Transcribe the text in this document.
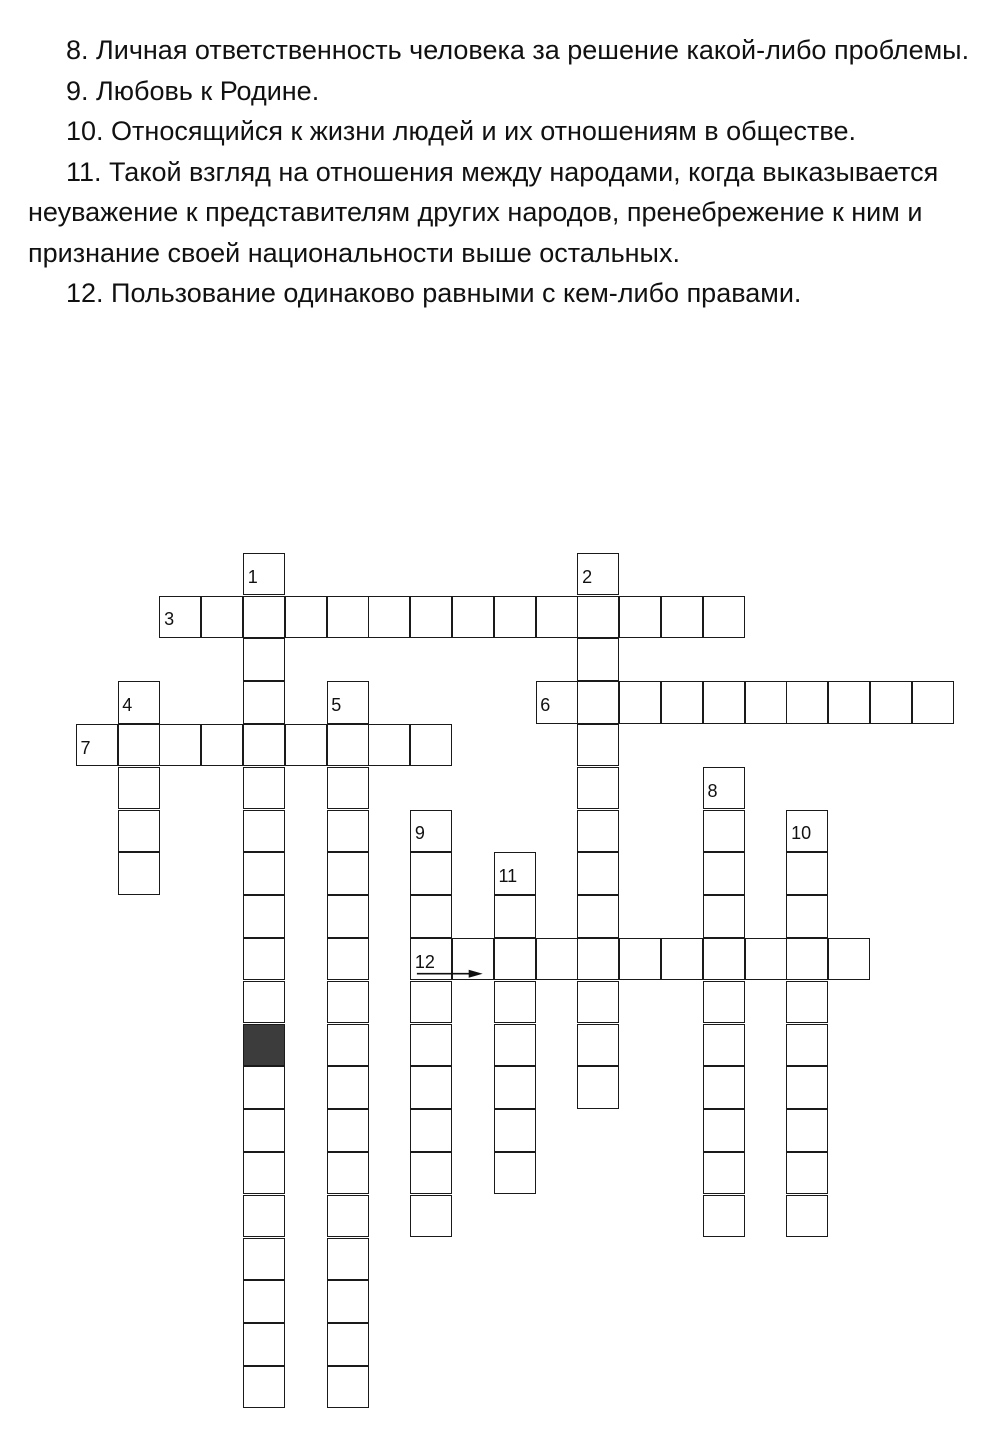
8. Личная ответственность человека за решение какой-либо проблемы.

9. Любовь к Родине.

10. Относящийся к жизни людей и их отношениям в обществе.

11. Такой взгляд на отношения между народами, когда выказывается неуважение к представителям других народов, пренебрежение к ним и признание своей национальности выше остальных.

12. Пользование одинаково равными с кем-либо правами.

1	2
3
4	5	6
7
8
9	10
11
12
